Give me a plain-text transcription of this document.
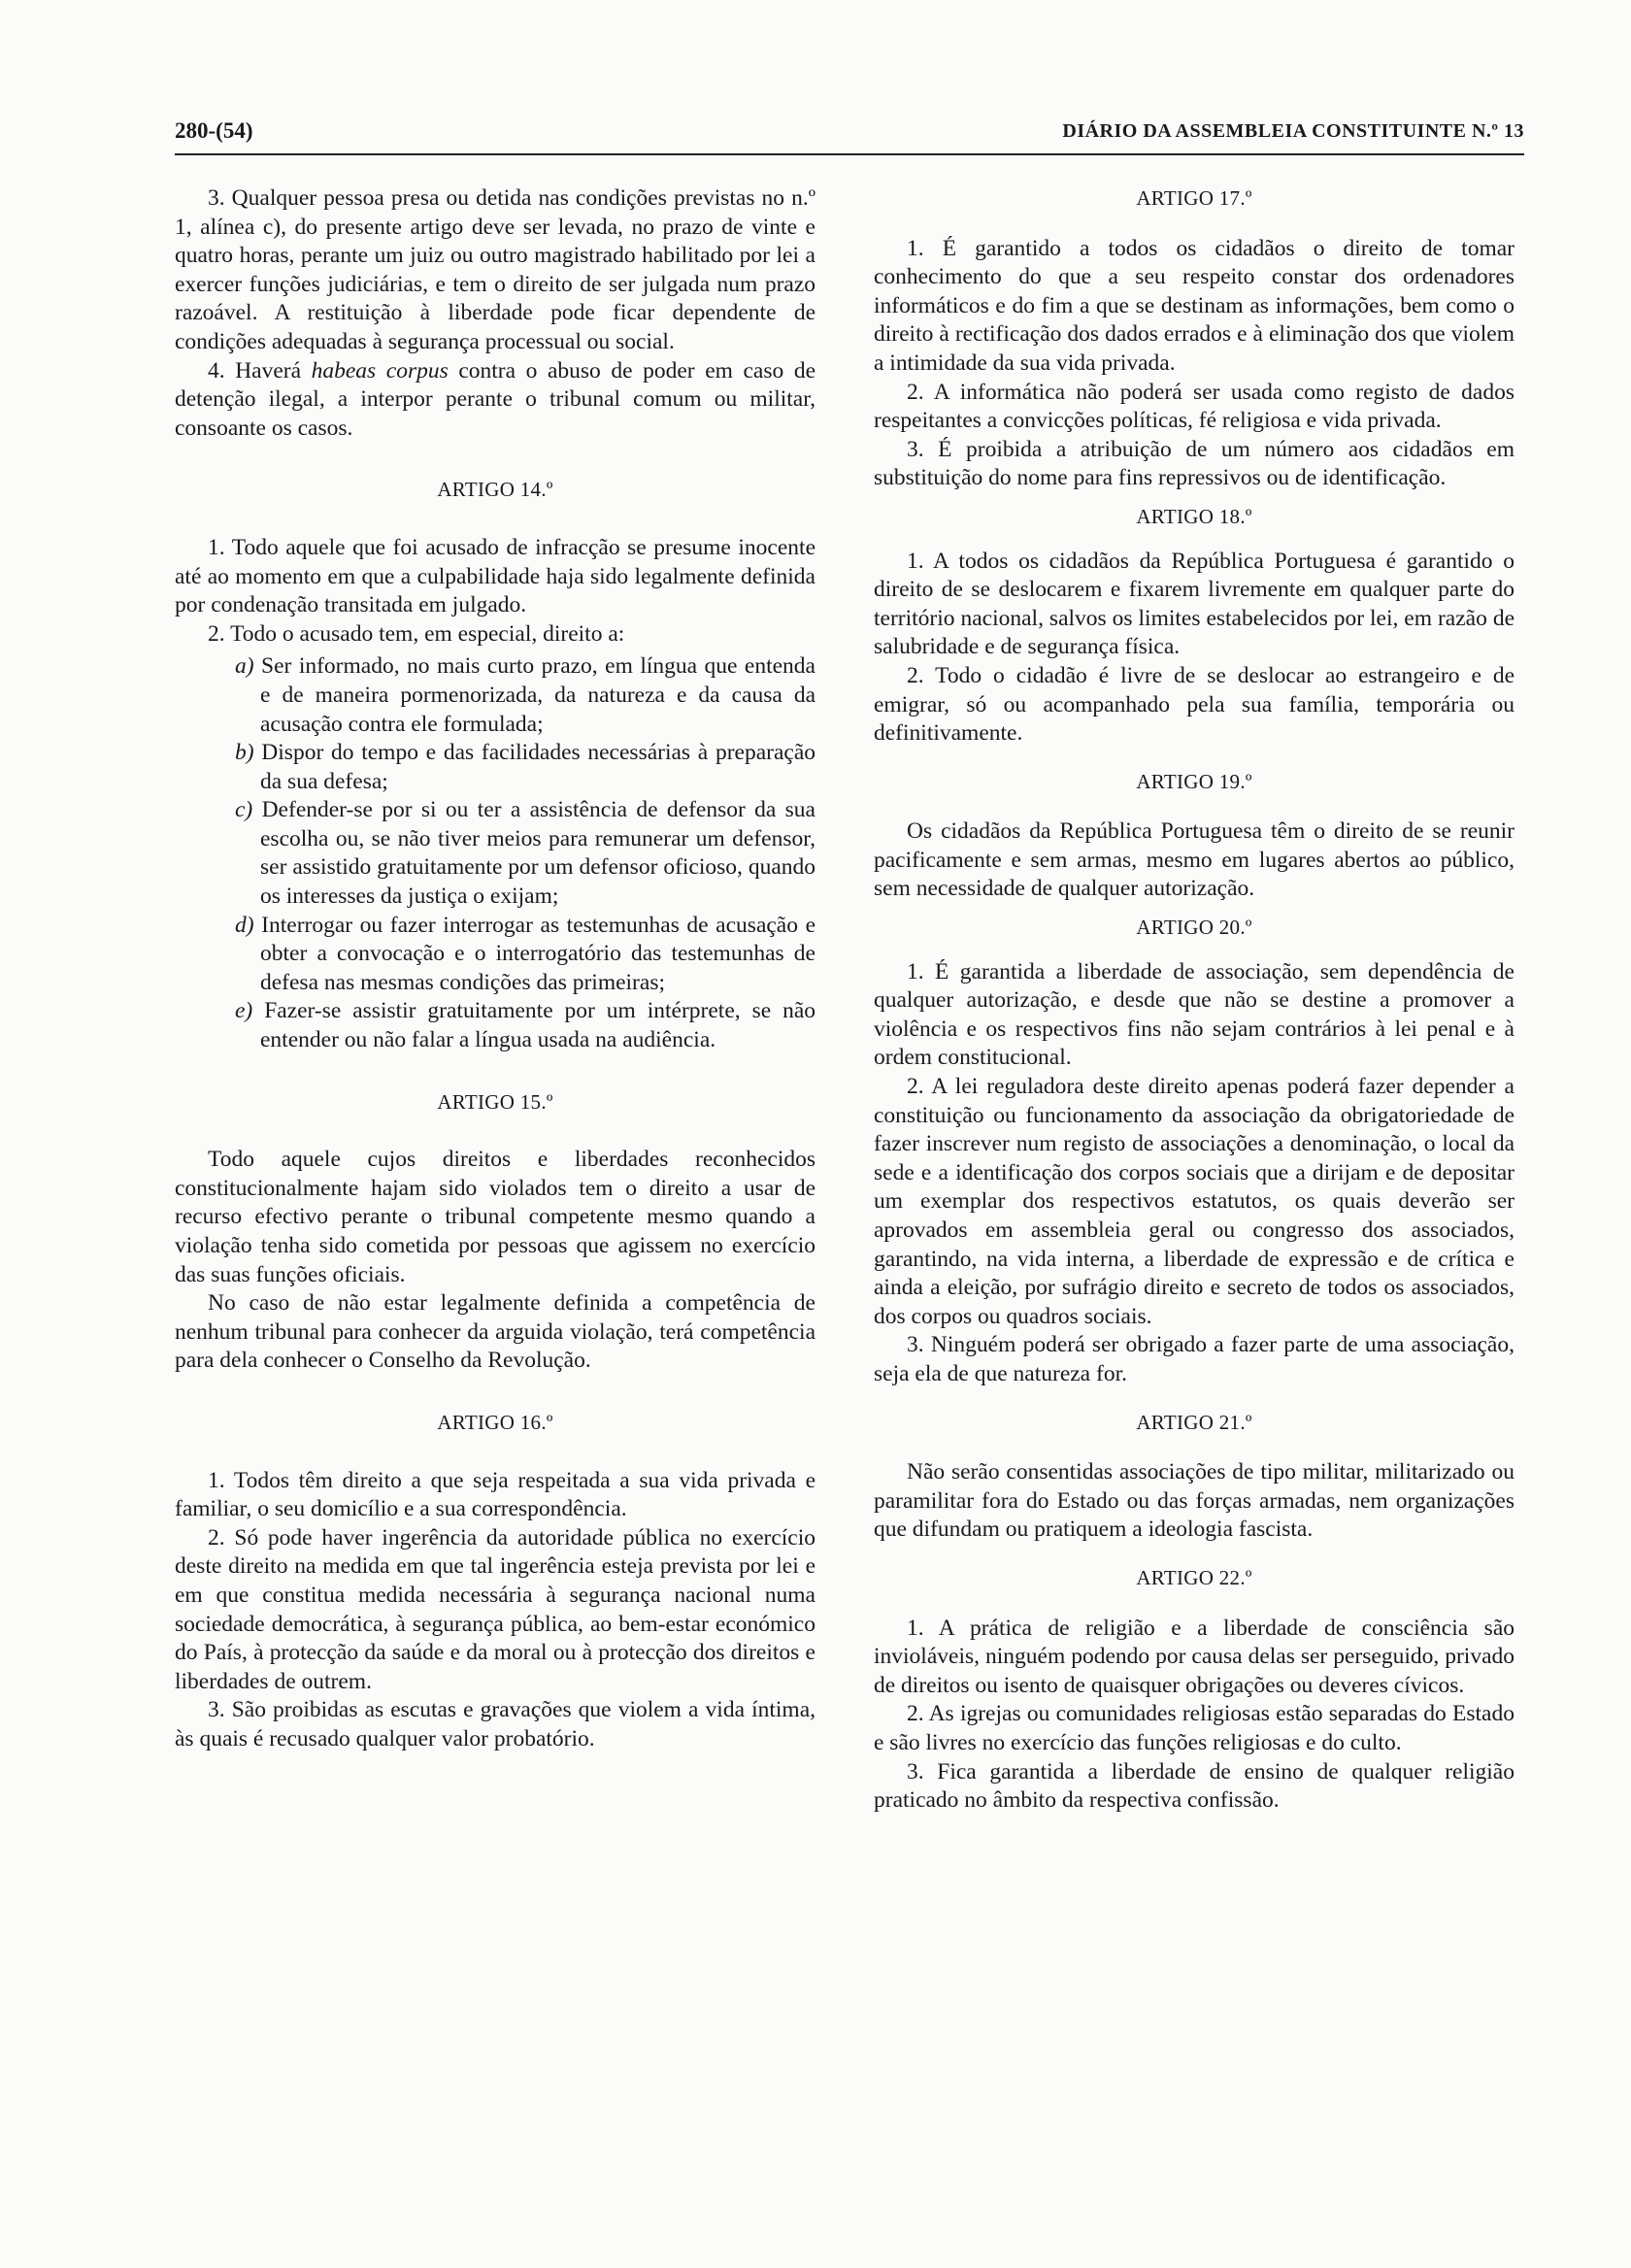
280-(54)	DIÁRIO DA ASSEMBLEIA CONSTITUINTE N.º 13

3. Qualquer pessoa presa ou detida nas condições previstas no n.º 1, alínea c), do presente artigo deve ser levada, no prazo de vinte e quatro horas, perante um juiz ou outro magistrado habilitado por lei a exercer funções judiciárias, e tem o direito de ser julgada num prazo razoável. A restituição à liberdade pode ficar dependente de condições adequadas à segurança processual ou social.

4. Haverá habeas corpus contra o abuso de poder em caso de detenção ilegal, a interpor perante o tribunal comum ou militar, consoante os casos.

ARTIGO 14.º

1. Todo aquele que foi acusado de infracção se presume inocente até ao momento em que a culpabilidade haja sido legalmente definida por condenação transitada em julgado.

2. Todo o acusado tem, em especial, direito a:

a) Ser informado, no mais curto prazo, em língua que entenda e de maneira pormenorizada, da natureza e da causa da acusação contra ele formulada;
b) Dispor do tempo e das facilidades necessárias à preparação da sua defesa;
c) Defender-se por si ou ter a assistência de defensor da sua escolha ou, se não tiver meios para remunerar um defensor, ser assistido gratuitamente por um defensor oficioso, quando os interesses da justiça o exijam;
d) Interrogar ou fazer interrogar as testemunhas de acusação e obter a convocação e o interrogatório das testemunhas de defesa nas mesmas condições das primeiras;
e) Fazer-se assistir gratuitamente por um intérprete, se não entender ou não falar a língua usada na audiência.

ARTIGO 15.º

Todo aquele cujos direitos e liberdades reconhecidos constitucionalmente hajam sido violados tem o direito a usar de recurso efectivo perante o tribunal competente mesmo quando a violação tenha sido cometida por pessoas que agissem no exercício das suas funções oficiais.

No caso de não estar legalmente definida a competência de nenhum tribunal para conhecer da arguida violação, terá competência para dela conhecer o Conselho da Revolução.

ARTIGO 16.º

1. Todos têm direito a que seja respeitada a sua vida privada e familiar, o seu domicílio e a sua correspondência.

2. Só pode haver ingerência da autoridade pública no exercício deste direito na medida em que tal ingerência esteja prevista por lei e em que constitua medida necessária à segurança nacional numa sociedade democrática, à segurança pública, ao bem-estar económico do País, à protecção da saúde e da moral ou à protecção dos direitos e liberdades de outrem.

3. São proibidas as escutas e gravações que violem a vida íntima, às quais é recusado qualquer valor probatório.

ARTIGO 17.º

1. É garantido a todos os cidadãos o direito de tomar conhecimento do que a seu respeito constar dos ordenadores informáticos e do fim a que se destinam as informações, bem como o direito à rectificação dos dados errados e à eliminação dos que violem a intimidade da sua vida privada.

2. A informática não poderá ser usada como registo de dados respeitantes a convicções políticas, fé religiosa e vida privada.

3. É proibida a atribuição de um número aos cidadãos em substituição do nome para fins repressivos ou de identificação.

ARTIGO 18.º

1. A todos os cidadãos da República Portuguesa é garantido o direito de se deslocarem e fixarem livremente em qualquer parte do território nacional, salvos os limites estabelecidos por lei, em razão de salubridade e de segurança física.

2. Todo o cidadão é livre de se deslocar ao estrangeiro e de emigrar, só ou acompanhado pela sua família, temporária ou definitivamente.

ARTIGO 19.º

Os cidadãos da República Portuguesa têm o direito de se reunir pacificamente e sem armas, mesmo em lugares abertos ao público, sem necessidade de qualquer autorização.

ARTIGO 20.º

1. É garantida a liberdade de associação, sem dependência de qualquer autorização, e desde que não se destine a promover a violência e os respectivos fins não sejam contrários à lei penal e à ordem constitucional.

2. A lei reguladora deste direito apenas poderá fazer depender a constituição ou funcionamento da associação da obrigatoriedade de fazer inscrever num registo de associações a denominação, o local da sede e a identificação dos corpos sociais que a dirijam e de depositar um exemplar dos respectivos estatutos, os quais deverão ser aprovados em assembleia geral ou congresso dos associados, garantindo, na vida interna, a liberdade de expressão e de crítica e ainda a eleição, por sufrágio direito e secreto de todos os associados, dos corpos ou quadros sociais.

3. Ninguém poderá ser obrigado a fazer parte de uma associação, seja ela de que natureza for.

ARTIGO 21.º

Não serão consentidas associações de tipo militar, militarizado ou paramilitar fora do Estado ou das forças armadas, nem organizações que difundam ou pratiquem a ideologia fascista.

ARTIGO 22.º

1. A prática de religião e a liberdade de consciência são invioláveis, ninguém podendo por causa delas ser perseguido, privado de direitos ou isento de quaisquer obrigações ou deveres cívicos.

2. As igrejas ou comunidades religiosas estão separadas do Estado e são livres no exercício das funções religiosas e do culto.

3. Fica garantida a liberdade de ensino de qualquer religião praticado no âmbito da respectiva confissão.
